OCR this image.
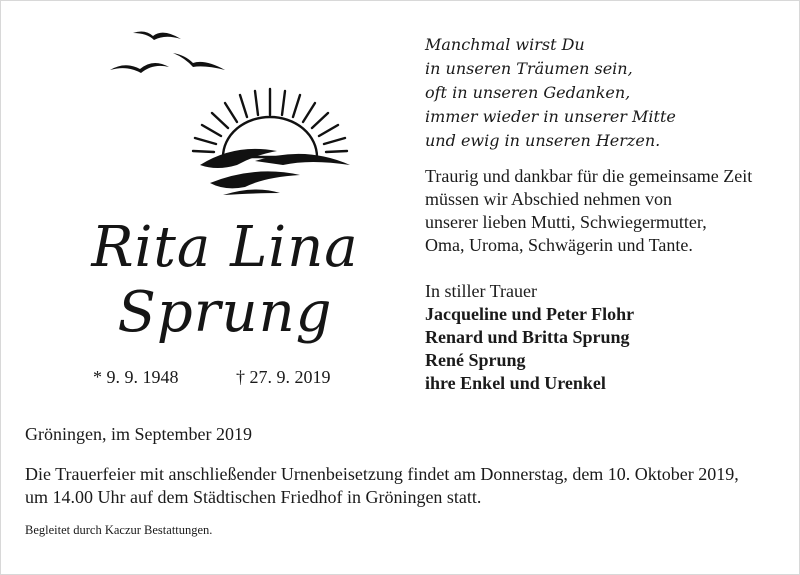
Rita Lina
Sprung
* 9. 9. 1948	† 27. 9. 2019
Manchmal wirst Du
in unseren Träumen sein,
oft in unseren Gedanken,
immer wieder in unserer Mitte
und ewig in unseren Herzen.
Traurig und dankbar für die gemeinsame Zeit
müssen wir Abschied nehmen von
unserer lieben Mutti, Schwiegermutter,
Oma, Uroma, Schwägerin und Tante.
In stiller Trauer
Jacqueline und Peter Flohr
Renard und Britta Sprung
René Sprung
ihre Enkel und Urenkel
Gröningen, im September 2019
Die Trauerfeier mit anschließender Urnenbeisetzung findet am Donnerstag, dem 10. Oktober 2019,
um 14.00 Uhr auf dem Städtischen Friedhof in Gröningen statt.
Begleitet durch Kaczur Bestattungen.
